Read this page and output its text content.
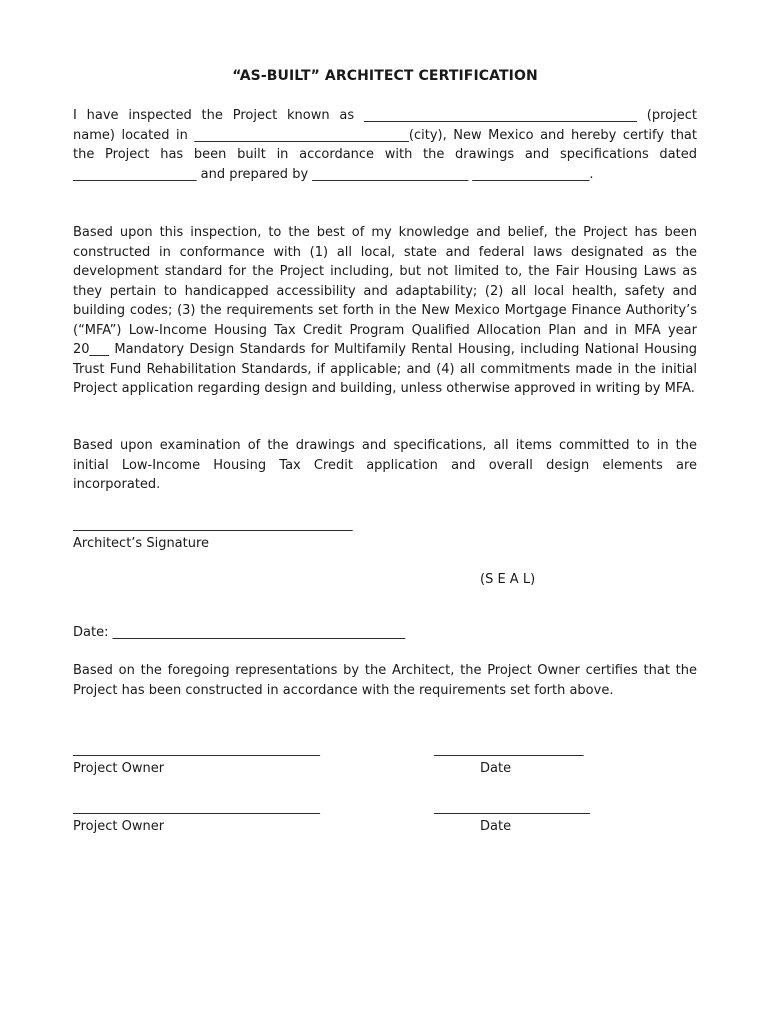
“AS-BUILT” ARCHITECT CERTIFICATION
I have inspected the Project known as __________________________________________ (project name) located in _________________________________(city), New Mexico and hereby certify that the Project has been built in accordance with the drawings and specifications dated ___________________ and prepared by ________________________ __________________.
Based upon this inspection, to the best of my knowledge and belief, the Project has been constructed in conformance with (1) all local, state and federal laws designated as the development standard for the Project including, but not limited to, the Fair Housing Laws as they pertain to handicapped accessibility and adaptability; (2) all local health, safety and building codes; (3) the requirements set forth in the New Mexico Mortgage Finance Authority’s (“MFA”) Low-Income Housing Tax Credit Program Qualified Allocation Plan and in MFA year 20___ Mandatory Design Standards for Multifamily Rental Housing, including National Housing Trust Fund Rehabilitation Standards, if applicable; and (4) all commitments made in the initial Project application regarding design and building, unless otherwise approved in writing by MFA.
Based upon examination of the drawings and specifications, all items committed to in the initial Low-Income Housing Tax Credit application and overall design elements are incorporated.
___________________________________________
Architect’s Signature
(S E A L)
Date: _____________________________________________
Based on the foregoing representations by the Architect, the Project Owner certifies that the Project has been constructed in accordance with the requirements set forth above.
______________________________________	_______________________
Project Owner	Date
______________________________________	________________________
Project Owner	Date
